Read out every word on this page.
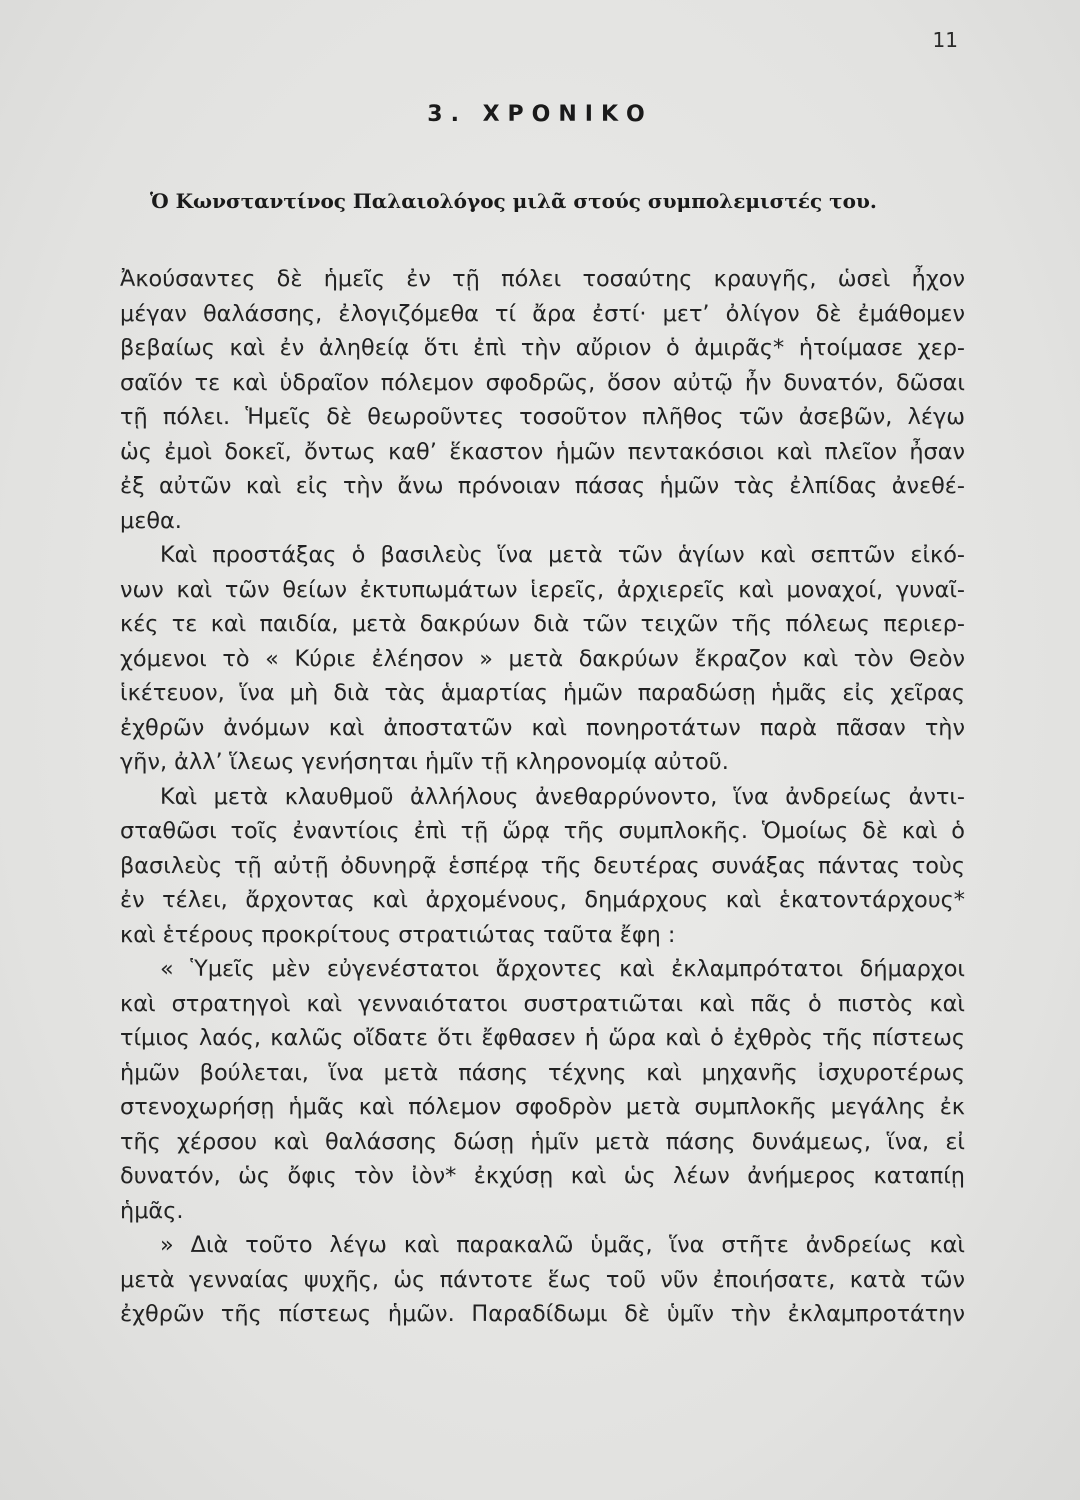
11
3. ΧΡΟΝΙΚΟ
Ὁ Κωνσταντίνος Παλαιολόγος μιλᾶ στούς συμπολεμιστές του.
Ἀκούσαντες δὲ ἡμεῖς ἐν τῇ πόλει τοσαύτης κραυγῆς, ὡσεὶ ἦχον
μέγαν θαλάσσης, ἐλογιζόμεθα τί ἄρα ἐστί· μετ’ ὀλίγον δὲ ἐμάθομεν
βεβαίως καὶ ἐν ἀληθείᾳ ὅτι ἐπὶ τὴν αὔριον ὁ ἀμιρᾶς* ἡτοίμασε χερ-
σαῖόν τε καὶ ὑδραῖον πόλεμον σφοδρῶς, ὅσον αὐτῷ ἦν δυνατόν, δῶσαι
τῇ πόλει. Ἡμεῖς δὲ θεωροῦντες τοσοῦτον πλῆθος τῶν ἀσεβῶν, λέγω
ὡς ἐμοὶ δοκεῖ, ὄντως καθ’ ἕκαστον ἡμῶν πεντακόσιοι καὶ πλεῖον ἦσαν
ἐξ αὐτῶν καὶ εἰς τὴν ἄνω πρόνοιαν πάσας ἡμῶν τὰς ἐλπίδας ἀνεθέ-
μεθα.
Καὶ προστάξας ὁ βασιλεὺς ἵνα μετὰ τῶν ἁγίων καὶ σεπτῶν εἰκό-
νων καὶ τῶν θείων ἐκτυπωμάτων ἱερεῖς, ἀρχιερεῖς καὶ μοναχοί, γυναῖ-
κές τε καὶ παιδία, μετὰ δακρύων διὰ τῶν τειχῶν τῆς πόλεως περιερ-
χόμενοι τὸ « Κύριε ἐλέησον » μετὰ δακρύων ἔκραζον καὶ τὸν Θεὸν
ἱκέτευον, ἵνα μὴ διὰ τὰς ἁμαρτίας ἡμῶν παραδώσῃ ἡμᾶς εἰς χεῖρας
ἐχθρῶν ἀνόμων καὶ ἀποστατῶν καὶ πονηροτάτων παρὰ πᾶσαν τὴν
γῆν, ἀλλ’ ἵλεως γενήσηται ἡμῖν τῇ κληρονομίᾳ αὐτοῦ.
Καὶ μετὰ κλαυθμοῦ ἀλλήλους ἀνεθαρρύνοντο, ἵνα ἀνδρείως ἀντι-
σταθῶσι τοῖς ἐναντίοις ἐπὶ τῇ ὥρᾳ τῆς συμπλοκῆς. Ὁμοίως δὲ καὶ ὁ
βασιλεὺς τῇ αὐτῇ ὀδυνηρᾷ ἑσπέρᾳ τῆς δευτέρας συνάξας πάντας τοὺς
ἐν τέλει, ἄρχοντας καὶ ἀρχομένους, δημάρχους καὶ ἑκατοντάρχους*
καὶ ἑτέρους προκρίτους στρατιώτας ταῦτα ἔφη :
« Ὑμεῖς μὲν εὐγενέστατοι ἄρχοντες καὶ ἐκλαμπρότατοι δήμαρχοι
καὶ στρατηγοὶ καὶ γενναιότατοι συστρατιῶται καὶ πᾶς ὁ πιστὸς καὶ
τίμιος λαός, καλῶς οἴδατε ὅτι ἔφθασεν ἡ ὥρα καὶ ὁ ἐχθρὸς τῆς πίστεως
ἡμῶν βούλεται, ἵνα μετὰ πάσης τέχνης καὶ μηχανῆς ἰσχυροτέρως
στενοχωρήσῃ ἡμᾶς καὶ πόλεμον σφοδρὸν μετὰ συμπλοκῆς μεγάλης ἐκ
τῆς χέρσου καὶ θαλάσσης δώσῃ ἡμῖν μετὰ πάσης δυνάμεως, ἵνα, εἰ
δυνατόν, ὡς ὄφις τὸν ἰὸν* ἐκχύσῃ καὶ ὡς λέων ἀνήμερος καταπίῃ
ἡμᾶς.
» Διὰ τοῦτο λέγω καὶ παρακαλῶ ὑμᾶς, ἵνα στῆτε ἀνδρείως καὶ
μετὰ γενναίας ψυχῆς, ὡς πάντοτε ἕως τοῦ νῦν ἐποιήσατε, κατὰ τῶν
ἐχθρῶν τῆς πίστεως ἡμῶν. Παραδίδωμι δὲ ὑμῖν τὴν ἐκλαμπροτάτην
